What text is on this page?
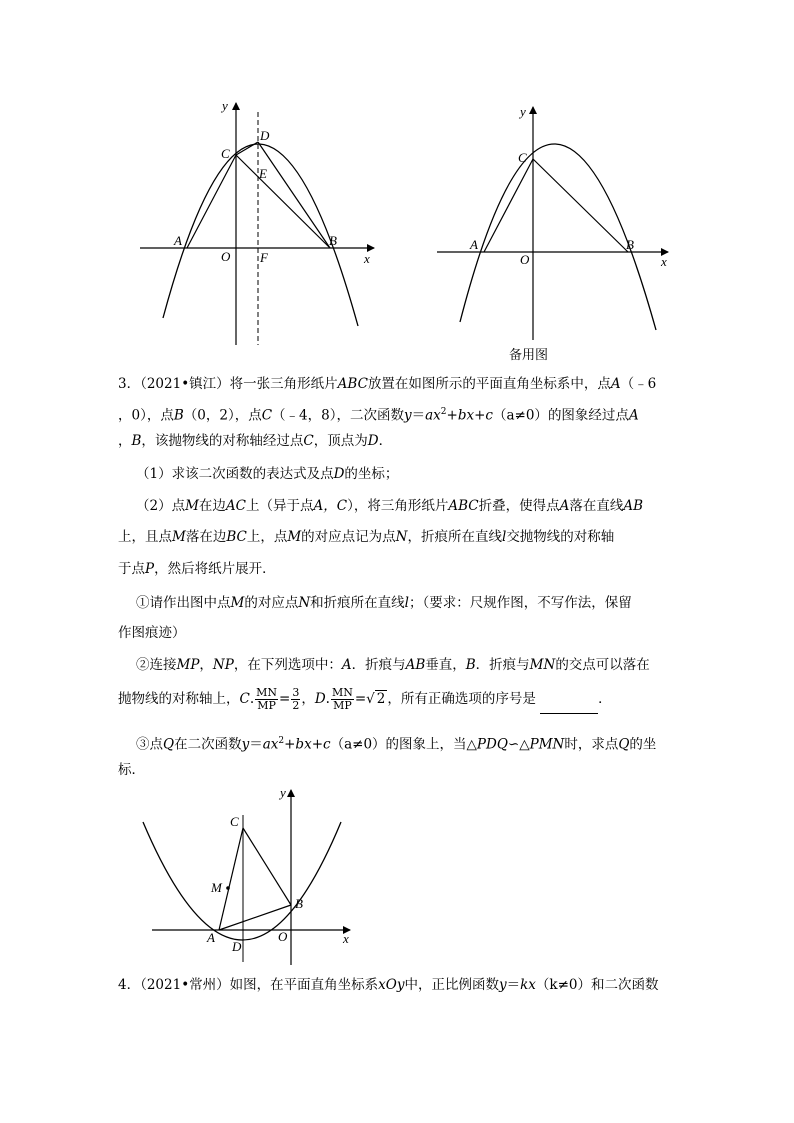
y
D
C
E
A
O F
B
x
y
C
A
O
B
x
备用图
3．（2021•镇江）将一张三角形纸片ABC放置在如图所示的平面直角坐标系中，点A（﹣6
，0），点B（0，2），点C（﹣4，8），二次函数$y=ax^2+bx+c(a\ne 0)$的图象经过点A
，B，该抛物线的对称轴经过点C，顶点为D．
（1）求该二次函数的表达式及点D的坐标；
（2）点M在边AC上（异于点A，C），将三角形纸片ABC折叠，使得点A落在直线AB
上，且点M落在边BC上，点M的对应点记为点N，折痕所在直线l交抛物线的对称轴
于点P，然后将纸片展开．
①请作出图中点M的对应点N和折痕所在直线l；（要求：尺规作图，不写作法，保留
作图痕迹）
②连接MP，NP，在下列选项中：A．折痕与AB垂直，B．折痕与MN的交点可以落在
抛物线的对称轴上，C. $\frac{MN}{MP} = \frac{3}{2}$ ，D. $\frac{MN}{MP}$ =√ 2 ，所有正确选项的序号是	．
③点Q在二次函数$y=ax^2+bx+c(a\ne 0)$的图象上，当△PDQ∽△PMN时，求点Q的坐
标．
y
C
M
B
A
D
O	x
4．（2021•常州）如图，在平面直角坐标系xOy中，正比例函数y＝kx（k≠0）和二次函数
